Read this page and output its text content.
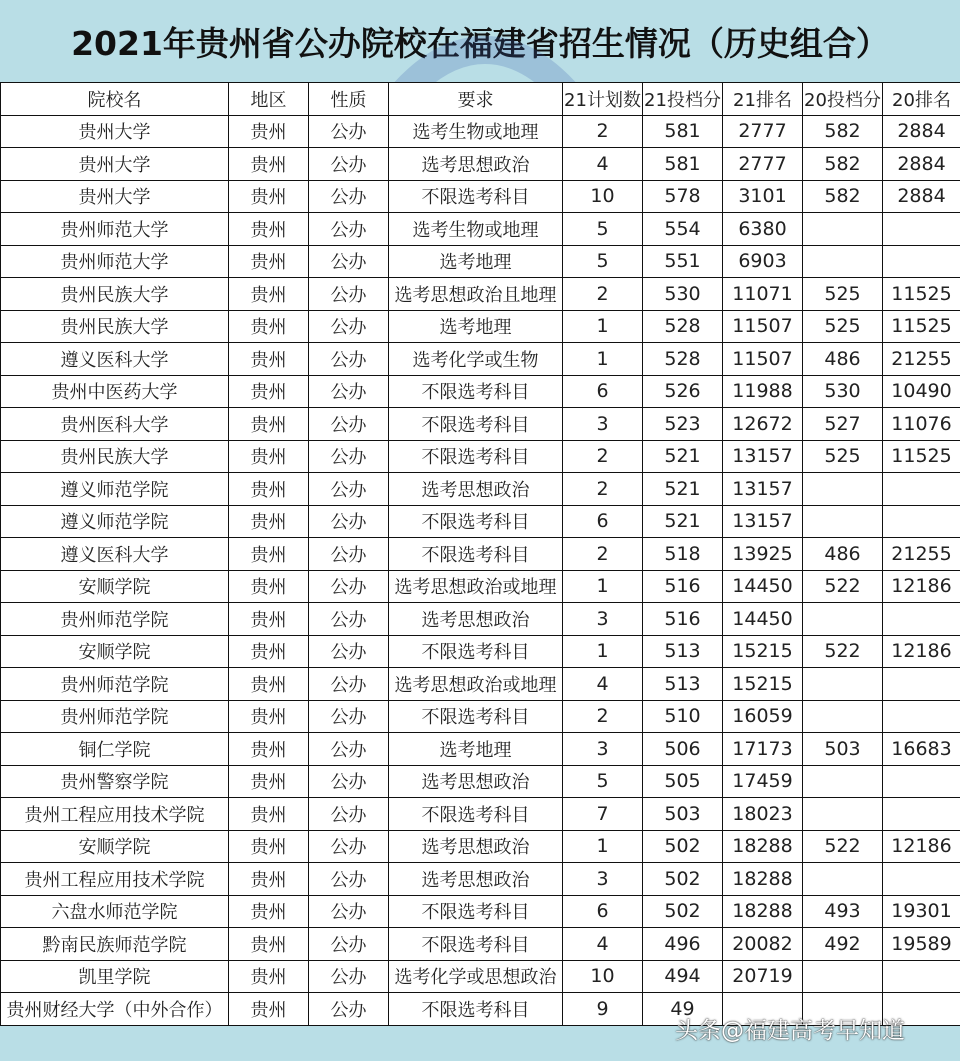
2021年贵州省公办院校在福建省招生情况（历史组合）
院校名	地区	性质	要求	21计划数	21投档分	21排名	20投档分	20排名
贵州大学	贵州	公办	选考生物或地理	2	581	2777	582	2884
贵州大学	贵州	公办	选考思想政治	4	581	2777	582	2884
贵州大学	贵州	公办	不限选考科目	10	578	3101	582	2884
贵州师范大学	贵州	公办	选考生物或地理	5	554	6380		
贵州师范大学	贵州	公办	选考地理	5	551	6903		
贵州民族大学	贵州	公办	选考思想政治且地理	2	530	11071	525	11525
贵州民族大学	贵州	公办	选考地理	1	528	11507	525	11525
遵义医科大学	贵州	公办	选考化学或生物	1	528	11507	486	21255
贵州中医药大学	贵州	公办	不限选考科目	6	526	11988	530	10490
贵州医科大学	贵州	公办	不限选考科目	3	523	12672	527	11076
贵州民族大学	贵州	公办	不限选考科目	2	521	13157	525	11525
遵义师范学院	贵州	公办	选考思想政治	2	521	13157		
遵义师范学院	贵州	公办	不限选考科目	6	521	13157		
遵义医科大学	贵州	公办	不限选考科目	2	518	13925	486	21255
安顺学院	贵州	公办	选考思想政治或地理	1	516	14450	522	12186
贵州师范学院	贵州	公办	选考思想政治	3	516	14450		
安顺学院	贵州	公办	不限选考科目	1	513	15215	522	12186
贵州师范学院	贵州	公办	选考思想政治或地理	4	513	15215		
贵州师范学院	贵州	公办	不限选考科目	2	510	16059		
铜仁学院	贵州	公办	选考地理	3	506	17173	503	16683
贵州警察学院	贵州	公办	选考思想政治	5	505	17459		
贵州工程应用技术学院	贵州	公办	不限选考科目	7	503	18023		
安顺学院	贵州	公办	选考思想政治	1	502	18288	522	12186
贵州工程应用技术学院	贵州	公办	选考思想政治	3	502	18288		
六盘水师范学院	贵州	公办	不限选考科目	6	502	18288	493	19301
黔南民族师范学院	贵州	公办	不限选考科目	4	496	20082	492	19589
凯里学院	贵州	公办	选考化学或思想政治	10	494	20719		
贵州财经大学（中外合作）	贵州	公办	不限选考科目	9	49			
头条@福建高考早知道
